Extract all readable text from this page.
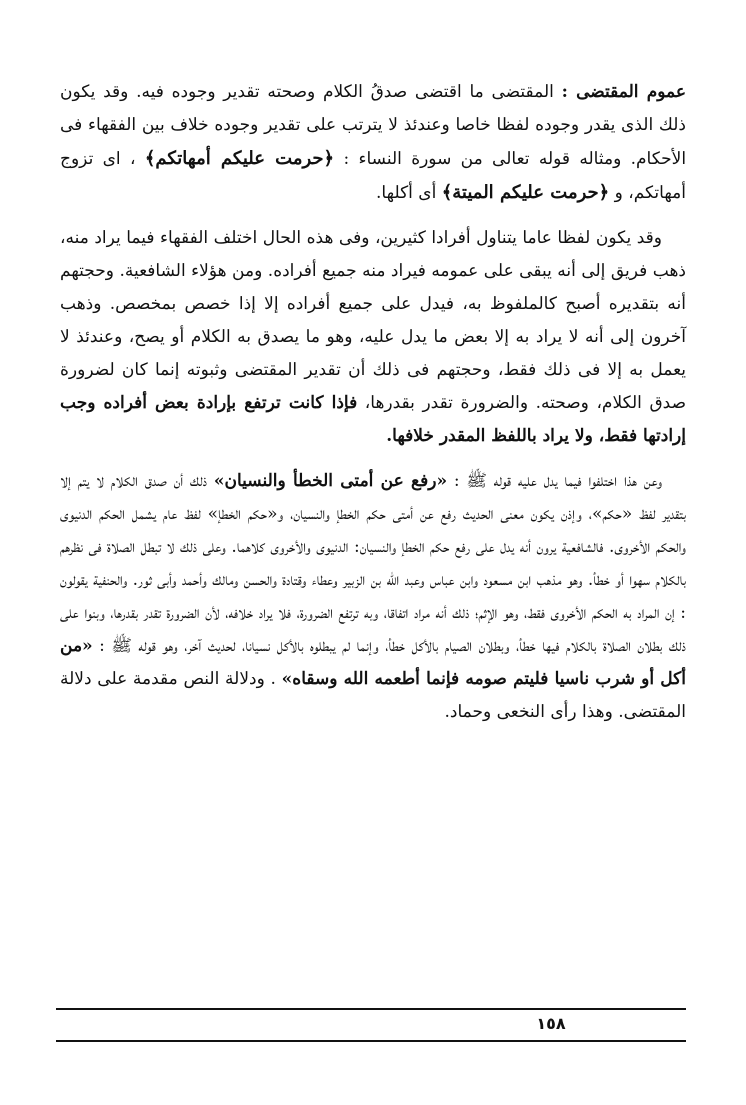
عموم المقتضى : المقتضى ما اقتضى صدقُ الكلام وصحته تقدير وجوده فيه. وقد يكون ذلك الذى يقدر وجوده لفظا خاصا وعندئذ لا يترتب على تقدير وجوده خلاف بين الفقهاء فى الأحكام. ومثاله قوله تعالى من سورة النساء : ﴿حرمت عليكم أمهاتكم﴾ ، اى تزوج أمهاتكم، و ﴿حرمت عليكم الميتة﴾ أى أكلها.

وقد يكون لفظا عاما يتناول أفرادا كثيرين، وفى هذه الحال اختلف الفقهاء فيما يراد منه، ذهب فريق إلى أنه يبقى على عمومه فيراد منه جميع أفراده. ومن هؤلاء الشافعية. وحجتهم أنه بتقديره أصبح كالملفوظ به، فيدل على جميع أفراده إلا إذا خصص بمخصص. وذهب آخرون إلى أنه لا يراد به إلا بعض ما يدل عليه، وهو ما يصدق به الكلام أو يصح، وعندئذ لا يعمل به إلا فى ذلك فقط، وحجتهم فى ذلك أن تقدير المقتضى وثبوته إنما كان لضرورة صدق الكلام، وصحته. والضرورة تقدر بقدرها، فإذا كانت ترتفع بإرادة بعض أفراده وجب إرادتها فقط، ولا يراد باللفظ المقدر خلافها.

وعن هذا اختلفوا فيما يدل عليه قوله ﷺ : «رفع عن أمتى الخطأ والنسيان» ذلك أن صدق الكلام لا يتم إلا بتقدير لفظ «حكم»، وإذن يكون معنى الحديث رفع عن أمتى حكم الخطإ والنسيان، و«حكم الخطإ» لفظ عام يشمل الحكم الدنيوى والحكم الأخروى. فالشافعية يرون أنه يدل على رفع حكم الخطإ والنسيان: الدنيوى والأخروى كلاهما. وعلى ذلك لا تبطل الصلاة فى نظرهم بالكلام سهوا أو خطأ. وهو مذهب ابن مسعود وابن عباس وعبد الله بن الزبير وعطاء وقتادة والحسن ومالك وأحمد وأبى ثور. والحنفية يقولون : إن المراد به الحكم الأخروى فقط، وهو الإثم؛ ذلك أنه مراد اتفاقا، وبه ترتفع الضرورة، فلا يراد خلافه، لأن الضرورة تقدر بقدرها، وبنوا على ذلك بطلان الصلاة بالكلام فيها خطأ، وبطلان الصيام بالأكل خطأ، وإنما لم يبطلوه بالأكل نسيانا، لحديث آخر، وهو قوله ﷺ : «من أكل أو شرب ناسيا فليتم صومه فإنما أطعمه الله وسقاه» . ودلالة النص مقدمة على دلالة المقتضى. وهذا رأى النخعى وحماد.

١٥٨
